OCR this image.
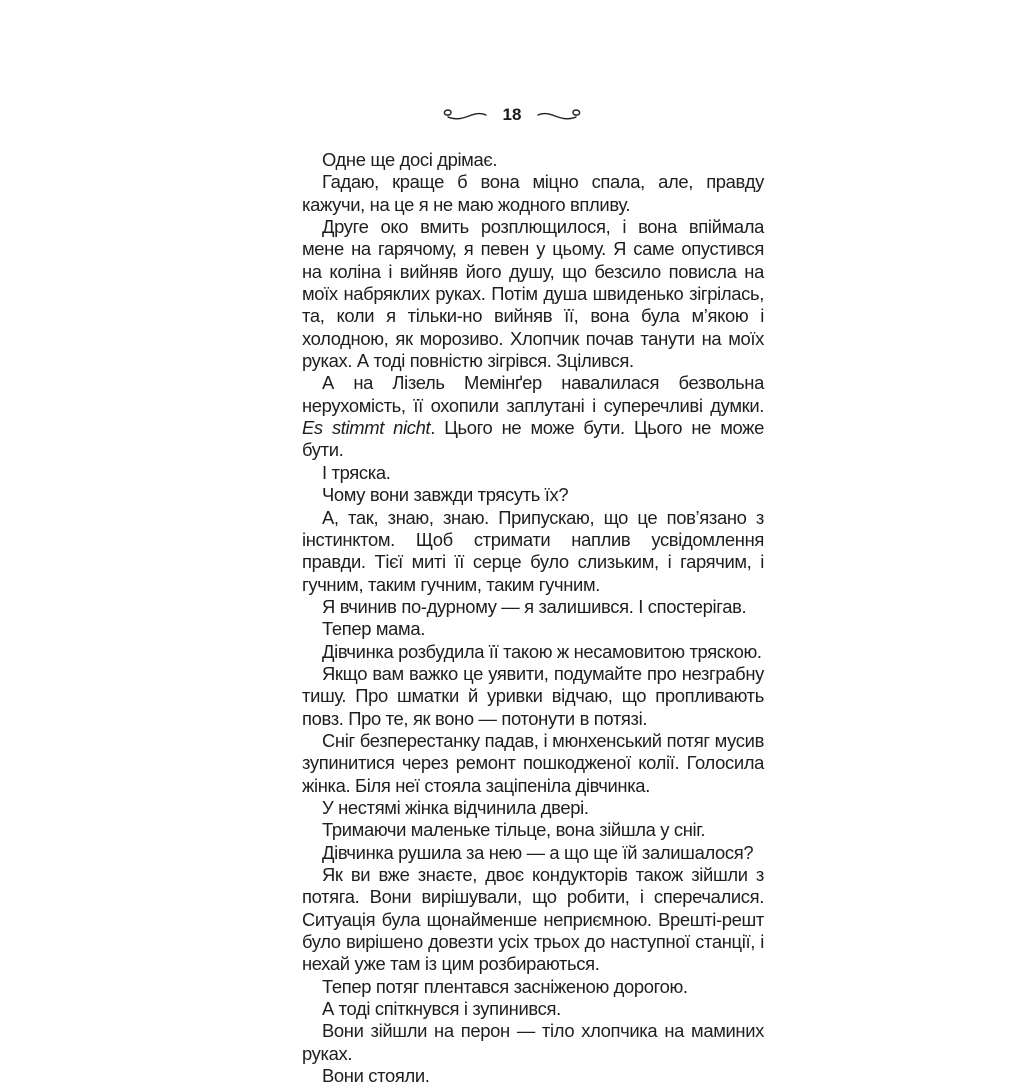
18

Одне ще досі дрімає.

Гадаю, краще б вона міцно спала, але, правду кажучи, на це я не маю жодного впливу.

Друге око вмить розплющилося, і вона впіймала мене на гарячому, я певен у цьому. Я саме опустився на коліна і вийняв його душу, що безсило повисла на моїх набряклих руках. Потім душа швиденько зігрілась, та, коли я тільки-но вийняв її, вона була м’якою і холодною, як морозиво. Хлопчик почав танути на моїх руках. А тоді повністю зігрівся. Зцілився.

А на Лізель Мемінґер навалилася безвольна нерухомість, її охопили заплутані і суперечливі думки. Es stimmt nicht. Цього не може бути. Цього не може бути.

І тряска.

Чому вони завжди трясуть їх?

А, так, знаю, знаю. Припускаю, що це пов’язано з інстинктом. Щоб стримати наплив усвідомлення правди. Тієї миті її серце було слизьким, і гарячим, і гучним, таким гучним, таким гучним.

Я вчинив по-дурному — я залишився. І спостерігав.

Тепер мама.

Дівчинка розбудила її такою ж несамовитою тряскою.

Якщо вам важко це уявити, подумайте про незграбну тишу. Про шматки й уривки відчаю, що пропливають повз. Про те, як воно — потонути в потязі.

Сніг безперестанку падав, і мюнхенський потяг мусив зупинитися через ремонт пошкодженої колії. Голосила жінка. Біля неї стояла заціпеніла дівчинка.

У нестямі жінка відчинила двері.

Тримаючи маленьке тільце, вона зійшла у сніг.

Дівчинка рушила за нею — а що ще їй залишалося?

Як ви вже знаєте, двоє кондукторів також зійшли з потяга. Вони вирішували, що робити, і сперечалися. Ситуація була щонайменше неприємною. Врешті-решт було вирішено довезти усіх трьох до наступної станції, і нехай уже там із цим розбираються.

Тепер потяг плентався засніженою дорогою.

А тоді спіткнувся і зупинився.

Вони зійшли на перон — тіло хлопчика на маминих руках.

Вони стояли.
